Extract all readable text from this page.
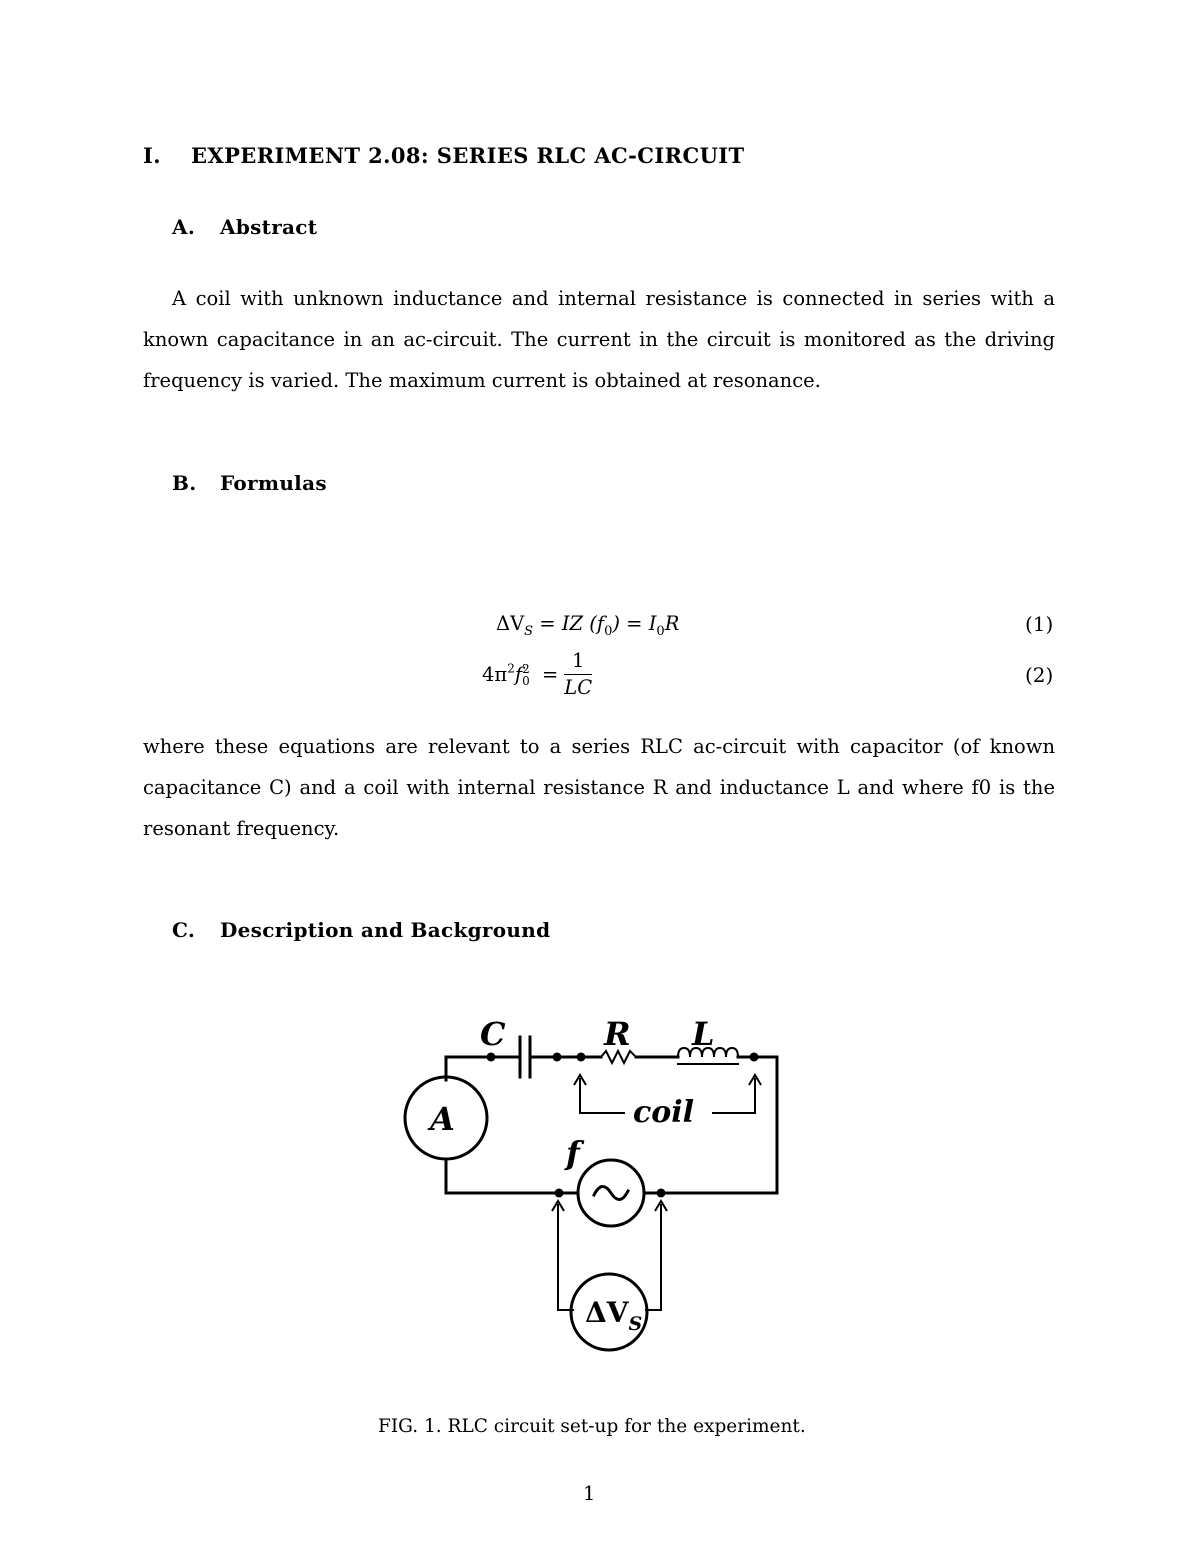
I. EXPERIMENT 2.08: SERIES RLC AC-CIRCUIT
A. Abstract
A coil with unknown inductance and internal resistance is connected in series with a
known capacitance in an ac-circuit. The current in the circuit is monitored as the driving
frequency is varied. The maximum current is obtained at resonance.
B. Formulas
$\Delta V_S$ = IZ $(f_0) = I_0R$	(1)
$4\pi^2f$ 2
$0 = \frac{1}{LC}$	(2)
where these equations are relevant to a series RLC ac-circuit with capacitor (of known
capacitance C) and a coil with internal resistance R and inductance L and where f0 is the
resonant frequency.
C. Description and Background
C	R L
coil
A
f
$\Delta V_S$
FIG. 1. RLC circuit set-up for the experiment.
1
